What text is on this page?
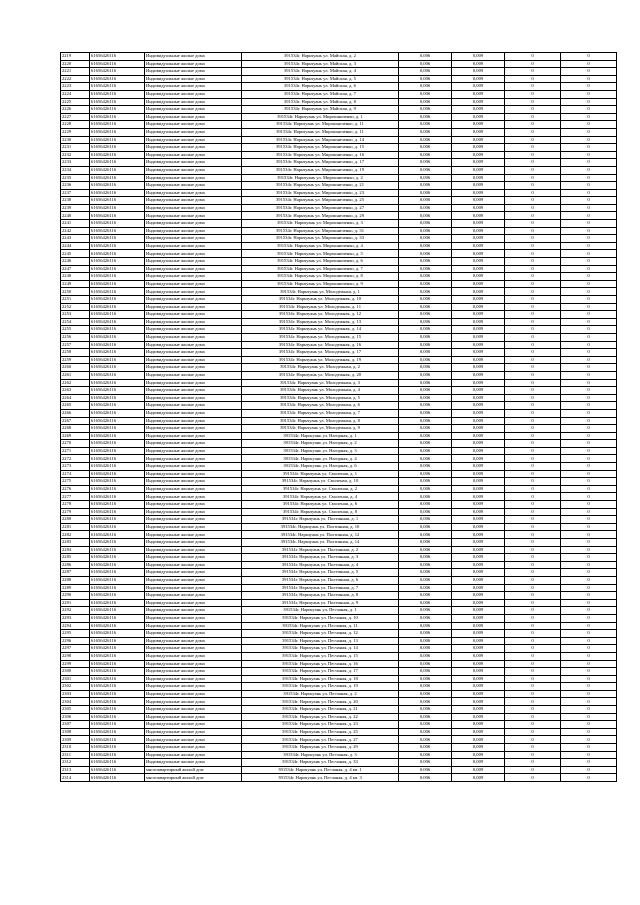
2219	61656426116	Индивидуальные жилые дома	391534г. Нарьчуань ул. Майская, д. 2	0,006	0,009	0	0
2220	61656426116	Индивидуальные жилые дома	391534г. Нарьчуань ул. Майская, д. 3	0,006	0,009	0	0
2221	61656426116	Индивидуальные жилые дома	391534г. Нарьчуань ул. Майская, д. 4	0,006	0,009	0	0
2222	61656426116	Индивидуальные жилые дома	391534г. Нарьчуань ул. Майская, д. 5	0,006	0,009	0	0
2223	61656426116	Индивидуальные жилые дома	391534г. Нарьчуань ул. Майская, д. 6	0,006	0,009	0	0
2224	61656426116	Индивидуальные жилые дома	391534г. Нарьчуань ул. Майская, д. 7	0,006	0,009	0	0
2225	61656426116	Индивидуальные жилые дома	391534г. Нарьчуань ул. Майская, д. 8	0,006	0,009	0	0
2226	61656426116	Индивидуальные жилые дома	391534г. Нарьчуань ул. Майская, д. 9	0,006	0,009	0	0
2227	61656426116	Индивидуальные жилые дома	391534г. Нарьчуань ул. Мирошниченко, д. 1	0,006	0,009	0	0
2228	61656426116	Индивидуальные жилые дома	391534г. Нарьчуань ул. Мирошниченко, д. 11	0,006	0,009	0	0
2229	61656426116	Индивидуальные жилые дома	391534г. Нарьчуань ул. Мирошниченко, д. 11	0,006	0,009	0	0
2230	61656426116	Индивидуальные жилые дома	391534г. Нарьчуань ул. Мирошниченко, д. 14	0,006	0,009	0	0
2231	61656426116	Индивидуальные жилые дома	391534г. Нарьчуань ул. Мирошниченко, д. 15	0,006	0,009	0	0
2232	61656426116	Индивидуальные жилые дома	391534г. Нарьчуань ул. Мирошниченко, д. 16	0,006	0,009	0	0
2233	61656426116	Индивидуальные жилые дома	391534г. Нарьчуань ул. Мирошниченко, д. 17	0,006	0,009	0	0
2234	61656426116	Индивидуальные жилые дома	391534г. Нарьчуань ул. Мирошниченко, д. 19	0,006	0,009	0	0
2235	61656426116	Индивидуальные жилые дома	391534г. Нарьчуань ул. Мирошниченко, д. 2	0,006	0,009	0	0
2236	61656426116	Индивидуальные жилые дома	391534г. Нарьчуань ул. Мирошниченко, д. 21	0,006	0,009	0	0
2237	61656426116	Индивидуальные жилые дома	391534г. Нарьчуань ул. Мирошниченко, д. 23	0,006	0,009	0	0
2238	61656426116	Индивидуальные жилые дома	391534г. Нарьчуань ул. Мирошниченко, д. 25	0,006	0,009	0	0
2239	61656426116	Индивидуальные жилые дома	391534г. Нарьчуань ул. Мирошниченко, д. 27	0,006	0,009	0	0
2240	61656426116	Индивидуальные жилые дома	391534г. Нарьчуань ул. Мирошниченко, д. 29	0,006	0,009	0	0
2241	61656426116	Индивидуальные жилые дома	391534г. Нарьчуань ул. Мирошниченко, д. 3	0,006	0,009	0	0
2242	61656426116	Индивидуальные жилые дома	391534г. Нарьчуань ул. Мирошниченко, д. 31	0,006	0,009	0	0
2243	61656426116	Индивидуальные жилые дома	391534г. Нарьчуань ул. Мирошниченко, д. 33	0,006	0,009	0	0
2244	61656426116	Индивидуальные жилые дома	391534г. Нарьчуань ул. Мирошниченко, д. 4	0,006	0,009	0	0
2245	61656426116	Индивидуальные жилые дома	391534г. Нарьчуань ул. Мирошниченко, д. 5	0,006	0,009	0	0
2246	61656426116	Индивидуальные жилые дома	391534г. Нарьчуань ул. Мирошниченко, д. 6	0,006	0,009	0	0
2247	61656426116	Индивидуальные жилые дома	391534г. Нарьчуань ул. Мирошниченко, д. 7	0,006	0,009	0	0
2248	61656426116	Индивидуальные жилые дома	391534г. Нарьчуань ул. Мирошниченко, д. 8	0,006	0,009	0	0
2249	61656426116	Индивидуальные жилые дома	391534г. Нарьчуань ул. Мирошниченко, д. 9	0,006	0,009	0	0
2250	61656426116	Индивидуальные жилые дома	391534г. Нарьчуань ул. Молодежная, д. 1	0,006	0,009	0	0
2251	61656426116	Индивидуальные жилые дома	391534г. Нарьчуань ул. Молодежная, д. 10	0,006	0,009	0	0
2252	61656426116	Индивидуальные жилые дома	391534г. Нарьчуань ул. Молодежная, д. 11	0,006	0,009	0	0
2253	61656426116	Индивидуальные жилые дома	391534г. Нарьчуань ул. Молодежная, д. 12	0,006	0,009	0	0
2254	61656426116	Индивидуальные жилые дома	391534г. Нарьчуань ул. Молодежная, д. 13	0,006	0,009	0	0
2255	61656426116	Индивидуальные жилые дома	391534г. Нарьчуань ул. Молодежная, д. 14	0,006	0,009	0	0
2256	61656426116	Индивидуальные жилые дома	391534г. Нарьчуань ул. Молодежная, д. 15	0,006	0,009	0	0
2257	61656426116	Индивидуальные жилые дома	391534г. Нарьчуань ул. Молодежная, д. 16	0,006	0,009	0	0
2258	61656426116	Индивидуальные жилые дома	391534г. Нарьчуань ул. Молодежная, д. 17	0,006	0,009	0	0
2259	61656426116	Индивидуальные жилые дома	391534г. Нарьчуань ул. Молодежная, д. 19	0,006	0,009	0	0
2260	61656426116	Индивидуальные жилые дома	391534г. Нарьчуань ул. Молодежная, д. 2	0,006	0,009	0	0
2261	61656426116	Индивидуальные жилые дома	391534г. Нарьчуань ул. Молодежная, д. 20	0,006	0,009	0	0
2262	61656426116	Индивидуальные жилые дома	391534г. Нарьчуань ул. Молодежная, д. 3	0,006	0,009	0	0
2263	61656426116	Индивидуальные жилые дома	391534г. Нарьчуань ул. Молодежная, д. 4	0,006	0,009	0	0
2264	61656426116	Индивидуальные жилые дома	391534г. Нарьчуань ул. Молодежная, д. 5	0,006	0,009	0	0
2265	61656426116	Индивидуальные жилые дома	391534г. Нарьчуань ул. Молодежная, д. 6	0,006	0,009	0	0
2266	61656426116	Индивидуальные жилые дома	391534г. Нарьчуань ул. Молодежная, д. 7	0,006	0,009	0	0
2267	61656426116	Индивидуальные жилые дома	391534г. Нарьчуань ул. Молодежная, д. 8	0,006	0,009	0	0
2268	61656426116	Индивидуальные жилые дома	391534г. Нарьчуань ул. Молодежная, д. 9	0,006	0,009	0	0
2269	61656426116	Индивидуальные жилые дома	391534г. Нарьчуань ул. Нагорная, д. 1	0,006	0,009	0	0
2270	61656426116	Индивидуальные жилые дома	391534г. Нарьчуань ул. Нагорная, д. 2	0,006	0,009	0	0
2271	61656426116	Индивидуальные жилые дома	391534г. Нарьчуань ул. Нагорная, д. 3	0,006	0,009	0	0
2272	61656426116	Индивидуальные жилые дома	391534г. Нарьчуань ул. Нагорная, д. 4	0,006	0,009	0	0
2273	61656426116	Индивидуальные жилые дома	391534г. Нарьчуань ул. Нагорная, д. 6	0,006	0,009	0	0
2274	61656426116	Индивидуальные жилые дома	391534г. Нарьчуань ул. Смоленая, д. 1	0,006	0,009	0	0
2275	61656426116	Индивидуальные жилые дома	391534г. Нарьчуань ул. Смоленая, д. 10	0,006	0,009	0	0
2276	61656426116	Индивидуальные жилые дома	391534г. Нарьчуань ул. Смоленая, д. 2	0,006	0,009	0	0
2277	61656426116	Индивидуальные жилые дома	391534г. Нарьчуань ул. Смоленая, д. 4	0,006	0,009	0	0
2278	61656426116	Индивидуальные жилые дома	391534г. Нарьчуань ул. Смоленая, д. 6	0,006	0,009	0	0
2279	61656426116	Индивидуальные жилые дома	391534г. Нарьчуань ул. Смоленая, д. 8	0,006	0,009	0	0
2280	61656426116	Индивидуальные жилые дома	391534г. Нарьчуань ул. Полтинная, д. 1	0,006	0,009	0	0
2281	61656426116	Индивидуальные жилые дома	391534г. Нарьчуань ул. Полтинная, д. 10	0,006	0,009	0	0
2282	61656426116	Индивидуальные жилые дома	391534г. Нарьчуань ул. Полтинная, д. 12	0,006	0,009	0	0
2283	61656426116	Индивидуальные жилые дома	391534г. Нарьчуань ул. Полтинная, д. 14	0,006	0,009	0	0
2284	61656426116	Индивидуальные жилые дома	391534г. Нарьчуань ул. Полтинная, д. 2	0,006	0,009	0	0
2285	61656426116	Индивидуальные жилые дома	391534г. Нарьчуань ул. Полтинная, д. 3	0,006	0,009	0	0
2286	61656426116	Индивидуальные жилые дома	391534г. Нарьчуань ул. Полтинная, д. 4	0,006	0,009	0	0
2287	61656426116	Индивидуальные жилые дома	391534г. Нарьчуань ул. Полтинная, д. 5	0,006	0,009	0	0
2288	61656426116	Индивидуальные жилые дома	391534г. Нарьчуань ул. Полтинная, д. 6	0,006	0,009	0	0
2289	61656426116	Индивидуальные жилые дома	391534г. Нарьчуань ул. Полтинная, д. 7	0,006	0,009	0	0
2290	61656426116	Индивидуальные жилые дома	391534г. Нарьчуань ул. Полтинная, д. 8	0,006	0,009	0	0
2291	61656426116	Индивидуальные жилые дома	391534г. Нарьчуань ул. Полтинная, д. 9	0,006	0,009	0	0
2292	61656426116	Индивидуальные жилые дома	391534г. Нарьчуань ул. Песчаная, д. 1	0,006	0,009	0	0
2293	61656426116	Индивидуальные жилые дома	391534г. Нарьчуань ул. Песчаная, д. 10	0,006	0,009	0	0
2294	61656426116	Индивидуальные жилые дома	391534г. Нарьчуань ул. Песчаная, д. 11	0,006	0,009	0	0
2295	61656426116	Индивидуальные жилые дома	391534г. Нарьчуань ул. Песчаная, д. 12	0,006	0,009	0	0
2296	61656426116	Индивидуальные жилые дома	391534г. Нарьчуань ул. Песчаная, д. 13	0,006	0,009	0	0
2297	61656426116	Индивидуальные жилые дома	391534г. Нарьчуань ул. Песчаная, д. 14	0,006	0,009	0	0
2298	61656426116	Индивидуальные жилые дома	391534г. Нарьчуань ул. Песчаная, д. 15	0,006	0,009	0	0
2299	61656426116	Индивидуальные жилые дома	391534г. Нарьчуань ул. Песчаная, д. 16	0,006	0,009	0	0
2300	61656426116	Индивидуальные жилые дома	391534г. Нарьчуань ул. Песчаная, д. 17	0,006	0,009	0	0
2301	61656426116	Индивидуальные жилые дома	391534г. Нарьчуань ул. Песчаная, д. 18	0,006	0,009	0	0
2302	61656426116	Индивидуальные жилые дома	391534г. Нарьчуань ул. Песчаная, д. 19	0,006	0,009	0	0
2303	61656426116	Индивидуальные жилые дома	391534г. Нарьчуань ул. Песчаная, д. 2	0,006	0,009	0	0
2304	61656426116	Индивидуальные жилые дома	391534г. Нарьчуань ул. Песчаная, д. 20	0,006	0,009	0	0
2305	61656426116	Индивидуальные жилые дома	391534г. Нарьчуань ул. Песчаная, д. 21	0,006	0,009	0	0
2306	61656426116	Индивидуальные жилые дома	391534г. Нарьчуань ул. Песчаная, д. 22	0,006	0,009	0	0
2307	61656426116	Индивидуальные жилые дома	391534г. Нарьчуань ул. Песчаная, д. 23	0,006	0,009	0	0
2308	61656426116	Индивидуальные жилые дома	391534г. Нарьчуань ул. Песчаная, д. 25	0,006	0,009	0	0
2309	61656426116	Индивидуальные жилые дома	391534г. Нарьчуань ул. Песчаная, д. 27	0,006	0,009	0	0
2310	61656426116	Индивидуальные жилые дома	391534г. Нарьчуань ул. Песчаная, д. 29	0,006	0,009	0	0
2311	61656426116	Индивидуальные жилые дома	391534г. Нарьчуань ул. Песчаная, д. 3	0,006	0,009	0	0
2312	61656426116	Индивидуальные жилые дома	391534г. Нарьчуань ул. Песчаная, д. 33	0,006	0,009	0	0
2313	61656426116	многоквартирный жилой дом	391534г. Нарьчуань ул. Песчаная, д. 4 кв. 1	0,006	0,009	0	0
2314	61656426116	многоквартирный жилой дом	391534г. Нарьчуань ул. Песчаная, д. 4 кв. 3	0,006	0,009	0	0
